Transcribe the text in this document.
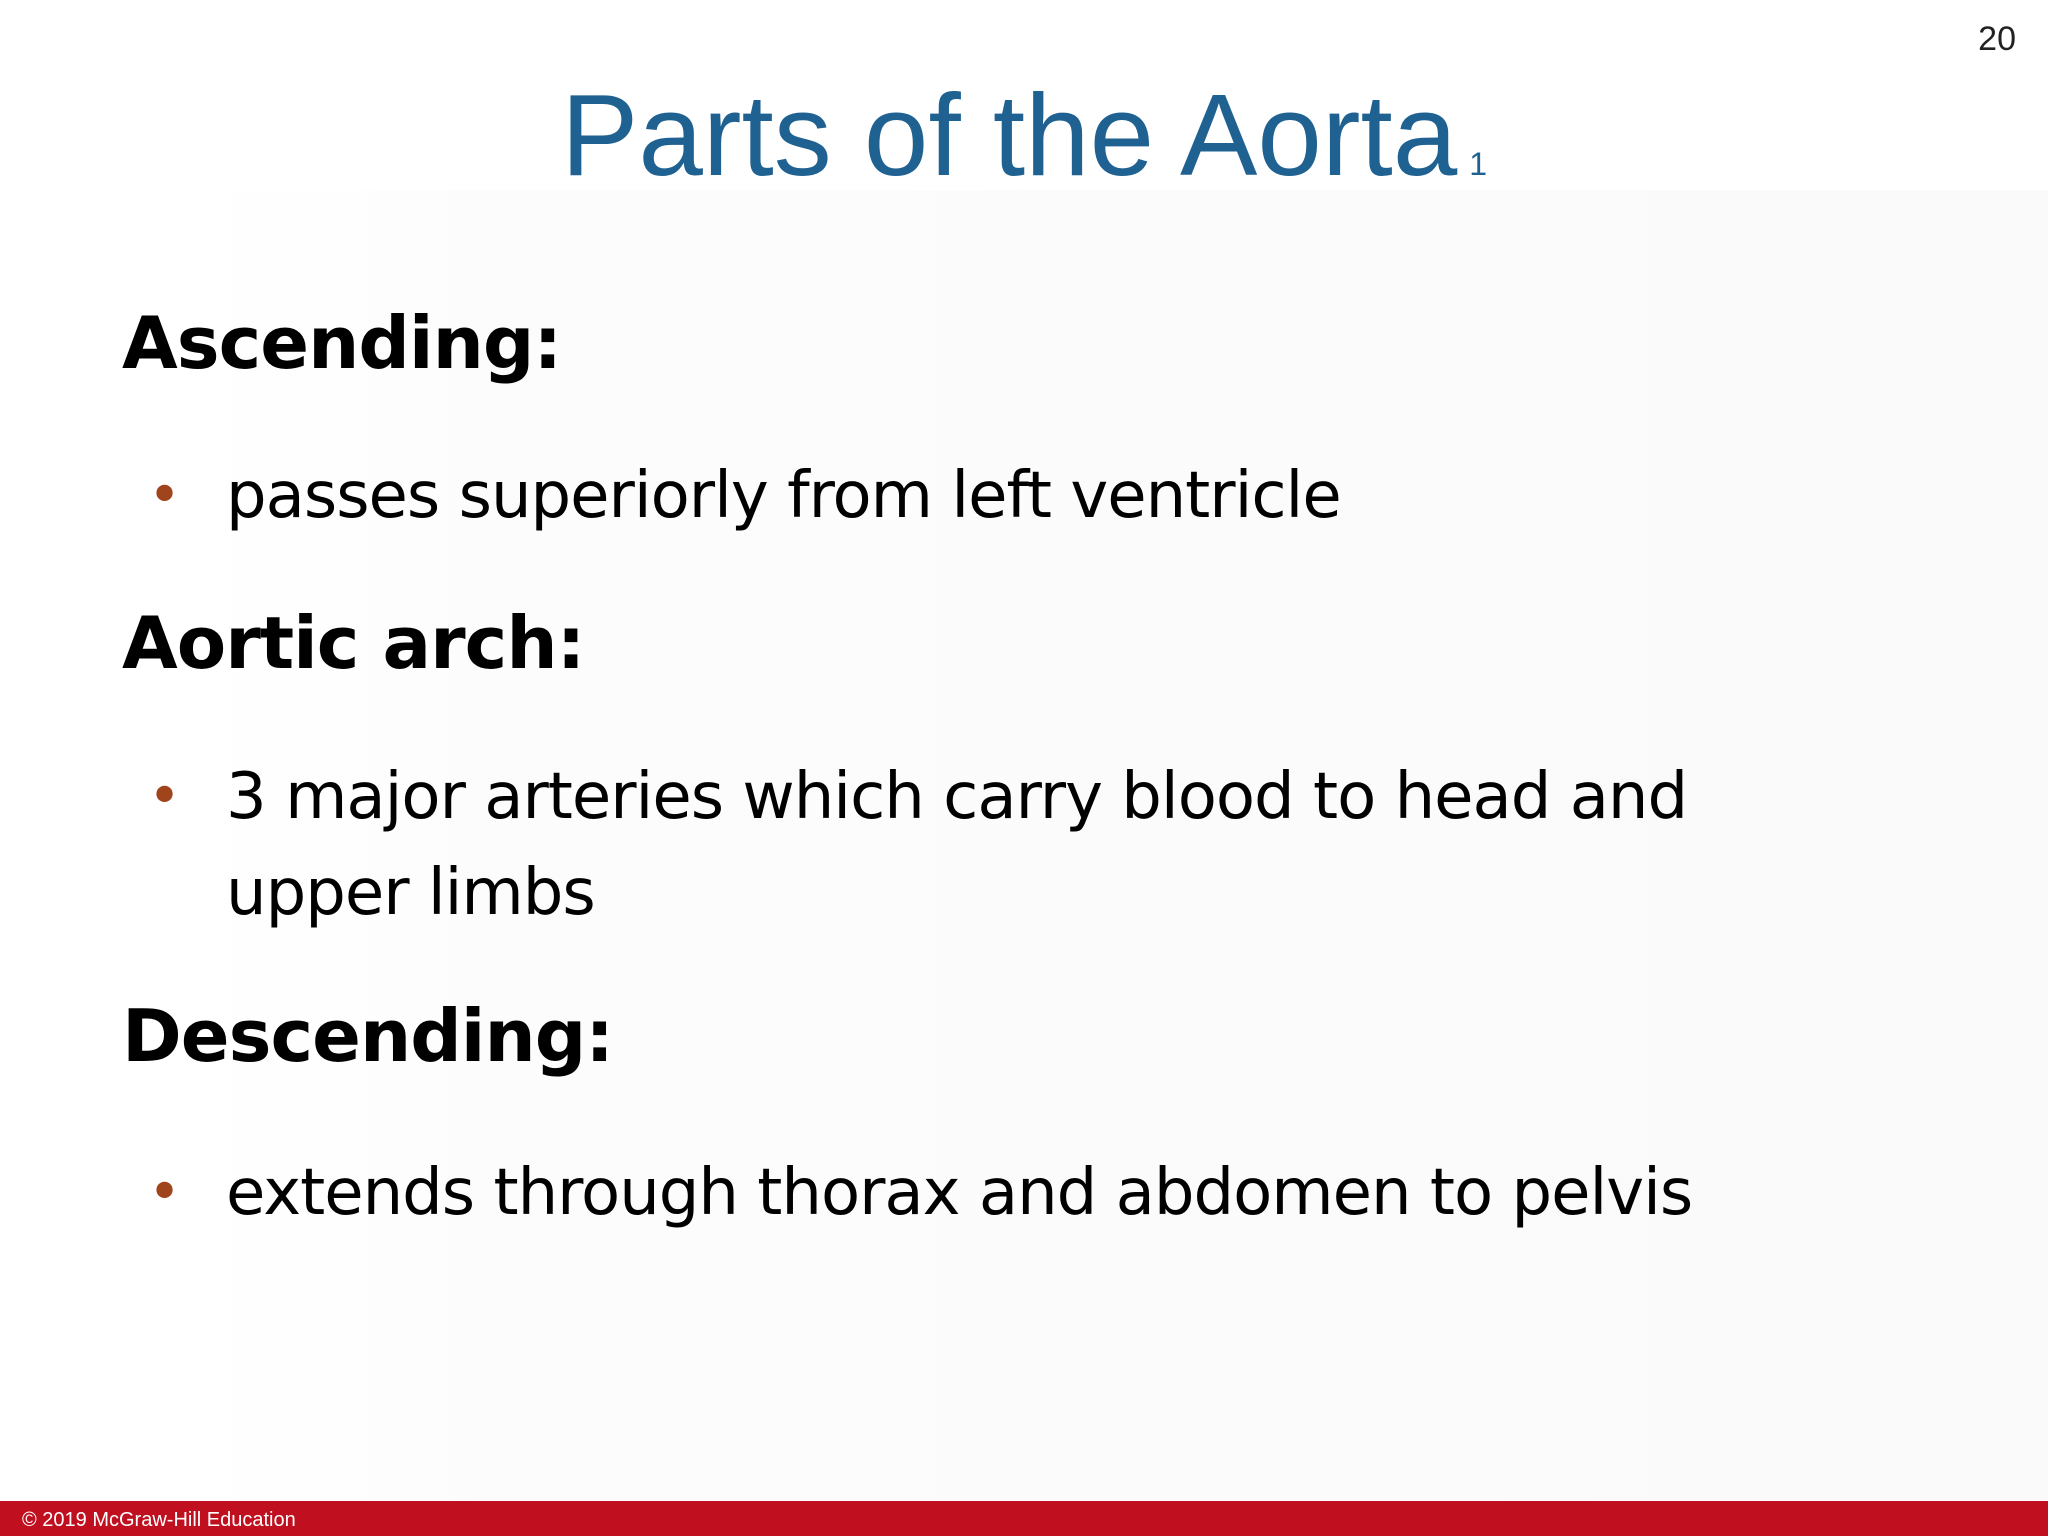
20
Parts of the Aorta 1
Ascending:
• passes superiorly from left ventricle
Aortic arch:
• 3 major arteries which carry blood to head and upper limbs
Descending:
• extends through thorax and abdomen to pelvis
© 2019 McGraw-Hill Education
